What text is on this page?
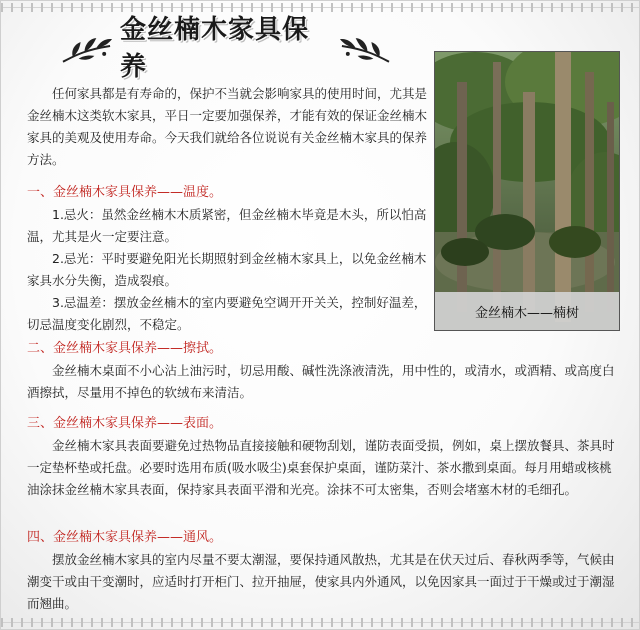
金丝楠木家具保养
金丝楠木——楠树

任何家具都是有寿命的，保护不当就会影响家具的使用时间，尤其是金丝楠木这类软木家具，平日一定要加强保养，才能有效的保证金丝楠木家具的美观及使用寿命。今天我们就给各位说说有关金丝楠木家具的保养方法。

一、金丝楠木家具保养——温度。

1.忌火：虽然金丝楠木木质紧密，但金丝楠木毕竟是木头，所以怕高温，尤其是火一定要注意。

2.忌光：平时要避免阳光长期照射到金丝楠木家具上，以免金丝楠木家具水分失衡，造成裂痕。

3.忌温差：摆放金丝楠木的室内要避免空调开开关关，控制好温差，切忌温度变化剧烈，不稳定。

二、金丝楠木家具保养——擦拭。

金丝楠木桌面不小心沾上油污时，切忌用酸、碱性洗涤液清洗，用中性的，或清水，或酒精、或高度白酒擦拭，尽量用不掉色的软绒布来清洁。

三、金丝楠木家具保养——表面。

金丝楠木家具表面要避免过热物品直接接触和硬物刮划，谨防表面受损，例如，桌上摆放餐具、茶具时一定垫杯垫或托盘。必要时选用布质(吸水吸尘)桌套保护桌面，谨防菜汁、茶水撒到桌面。每月用蜡或核桃油涂抹金丝楠木家具表面，保持家具表面平滑和光亮。涂抹不可太密集，否则会堵塞木材的毛细孔。

四、金丝楠木家具保养——通风。

摆放金丝楠木家具的室内尽量不要太潮湿，要保持通风散热，尤其是在伏天过后、春秋两季等，气候由潮变干或由干变潮时，应适时打开柜门、拉开抽屉，使家具内外通风，以免因家具一面过于干燥或过于潮湿而翘曲。
